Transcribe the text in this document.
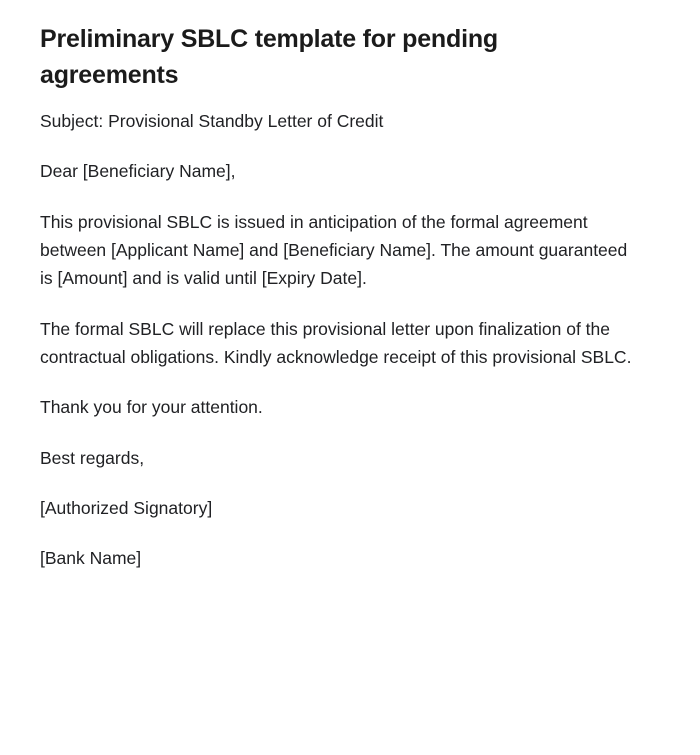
Preliminary SBLC template for pending agreements

Subject: Provisional Standby Letter of Credit

Dear [Beneficiary Name],

This provisional SBLC is issued in anticipation of the formal agreement between [Applicant Name] and [Beneficiary Name]. The amount guaranteed is [Amount] and is valid until [Expiry Date].

The formal SBLC will replace this provisional letter upon finalization of the contractual obligations. Kindly acknowledge receipt of this provisional SBLC.

Thank you for your attention.

Best regards,

[Authorized Signatory]

[Bank Name]
